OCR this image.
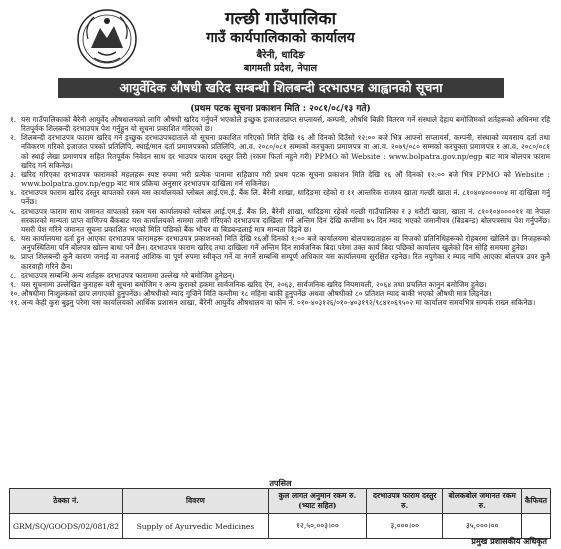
गल्छी गाउँपालिका
गाउँ कार्यपालिकाको कार्यालय
बैरेनी, धादिङ
बागमती प्रदेश, नेपाल
आयुर्वेदिक औषधी खरिद सम्बन्धी शिलबन्दी दरभाउपत्र आह्वानको सूचना
(प्रथम पटक सूचना प्रकाशन मिति : २०८१/०८/१३ गते)
१. यस गाउँपालिकाको बैरेनी आयुर्वेद औषधालयको लागि औषधी खरिद गर्नुपर्ने भएकोले इच्छुक इजाजतप्राप्त सप्लायर्स, कम्पनी, औषधि बिक्री वितरण गर्ने संस्थाले देहाय बमोजिमको शर्तहरूको अधिनमा रहि रितपूर्वक शिलबन्दी दरभाउपत्र पेश गर्नुहुन यो सूचना प्रकाशित गरिएको छ।
२. शिलबन्दी दरभाउपत्र फाराम खरिद गर्न इच्छुक दरभाउपत्रदाताले यो सूचना प्रकाशित गरिएको मिति देखि १६ औं दिनको दिउँसो १२:०० बजे भित्र आफ्नो सप्लायर्स, कम्पनी, संस्थाको व्यवसाय दर्ता तथा नविकरण गरिको इजाजत पत्रको प्रतिलिपि, स्थाई/मान दर्ता प्रमाणपत्रको प्रतिलिपि, आ.व. २०८०/०८१ सम्मको करचुक्ता प्रमाणपत्र वा आ.व. २०७९/०८० सम्मको करचुक्ता प्रमाणपत्र र आ.व. २०८०/०८१ को स्थाई लेखा प्रमाणपत्र सहित रितपूर्वक निवेदन साथ दर भाउपत्र फाराम दस्तुर तिरी (रकम फिर्ता नहुने गरी) PPMO को Website : www.bolpatra.gov.np/egp बाट मात्र बोलपत्र फाराम खरिद गर्न सकिनेछ।
३. खरिद गरिएका दरभाउपत्र फारामको महलहरू स्पष्ट रुपमा भरी प्रत्येक पानामा सहिछाप गरी प्रथम पटक सूचना प्रकाशन मिति देखि १६ औं दिनको १२:०० बजे भित्र PPMO को Website : www.bolpatra.gov.np/egp बाट मात्र प्रक्रिया अनुसार दरभाउपत्र दाखिला गर्न सकिनेछ।
४. दरभाउपत्र फाराम खरिद दस्तुर बापतको रकम यस कार्यालयको ग्लोबल आई.एम.ई. बैंक लि. बैरेनी शाखा, धादिङमा रहेको रा ११ आन्तरिक राजश्व खाता गल्छी खाता नं. ८१०४०४०००००४ मा दाखिला गर्नु पर्नेछ।
५. दरभाउपत्र फाराम साथ जमानत वापतको रकम यस कार्यालयको ग्लोबल आई.एम.ई. बैंक लि. बैरेनी शाखा, धादिङमा रहेको गल्छी गाउँपालिका र ३ धरौटी खाता, खाता नं. ८१०१०४००००११ वा नेपाल सरकारको मान्यता प्राप्त वाणिज्य बैंकबाट यस कार्यालयको नाममा जारी गरिएको दरभाउपत्र दाखिला गर्ने अन्तिम दिन देखि कम्तीमा ७५ दिन म्याद भएको जमानीपत्र (बिडबन्ड) बोलपत्रसाथ पेश गर्नुपर्नेछ। यसरी पेश गरिने जमानत सूचना प्रकाशित भएको मिति पछिको बैंक भौचर वा बिडबन्डलाई मात्र मान्यता दिइने छ।
६. यस कार्यालयमा दर्ता हुन आएका दरभाउपत्र फारामहरू दरभाउपत्र प्रकाशनको मिति देखि १६औं दिनको १:०० बजे कार्यालयमा बोलपत्रदाताहरू वा निजको प्रतिनिधिहरूको रोहबरमा खोलिने छ। निजहरूको अनुपस्थितिमा पनि बोलपत्र खोल्न बाधा पर्ने छैन। दरभाउपत्र फाराम खरिद तथा दाखिला गर्ने अन्तिम दिन सार्वजनिक बिदा परेमा उक्त कार्य बिदा पछिको कार्यालय खुलेको दिन सोहि समयमा हुनेछ।
७. प्राप्त शिलबन्दी कुनै कारण जनाई वा नजनाई आंशिक वा पूर्ण रुपमा स्वीकृत गर्ने वा नगर्ने सम्बन्धि सम्पूर्ण अधिकार यस कार्यालयमा सुरक्षित रहनेछ। रित नपुगेका र म्याद नाघि आएका बोलपत्र उपर कुनै कारवाही गरिने छैन।
८. दरभाउपत्र सम्बन्धि अन्य शर्तहरू दरभाउपत्र फाराममा उल्लेख गरे बमोजिम हुनेछन्।
९. यस सूचनामा उल्लेखित कुराहरू यसै सूचना बमोजिम र अन्य कुराको हकमा सार्वजनिक खरिद ऐन, २०६३, सार्वजनिक खरिद नियमावली, २०६४ तथा प्रचलित कानुन बमोजिम हुनेछ।
१०. औषधीमा निःशुल्कको छाप लगाएको हुनुपर्नेछ। औषधीको म्याद गुज्रिने मिति कम्तीमा १८ महिना बाकी हुनुपर्नेछ अथवा औषधीको ८० प्रतिशत म्याद बाकी भएको औषधी मात्र लिइनेछ।
११. अन्य केही कुरा बुझ्नु परेमा यस कार्यालयको आर्थिक प्रशासन शाखा, बैरेनी आयुर्वेद औषधालय वा फोन नं. ०१०-४०३१२६/०१०-४०३१९२/९८४१०६९५०२ मा कार्यालय समयभित्र सम्पर्क राख्न सकिनेछ।
तपसिल
ठेक्का नं.	विवरण	कुल लागत अनुमान रकम रु. (भ्याट सहित)	दरभाउपत्र फाराम दस्तुर रु.	बोलकबोल जमानत रकम रु.	कैफियत
GRM/SQ/GOODS/02/081/82	Supply of Ayurvedic Medicines	१२,५०,००३।००	३,०००।००	३५,०००।००	
प्रमुख प्रशासकीय अधिकृत
